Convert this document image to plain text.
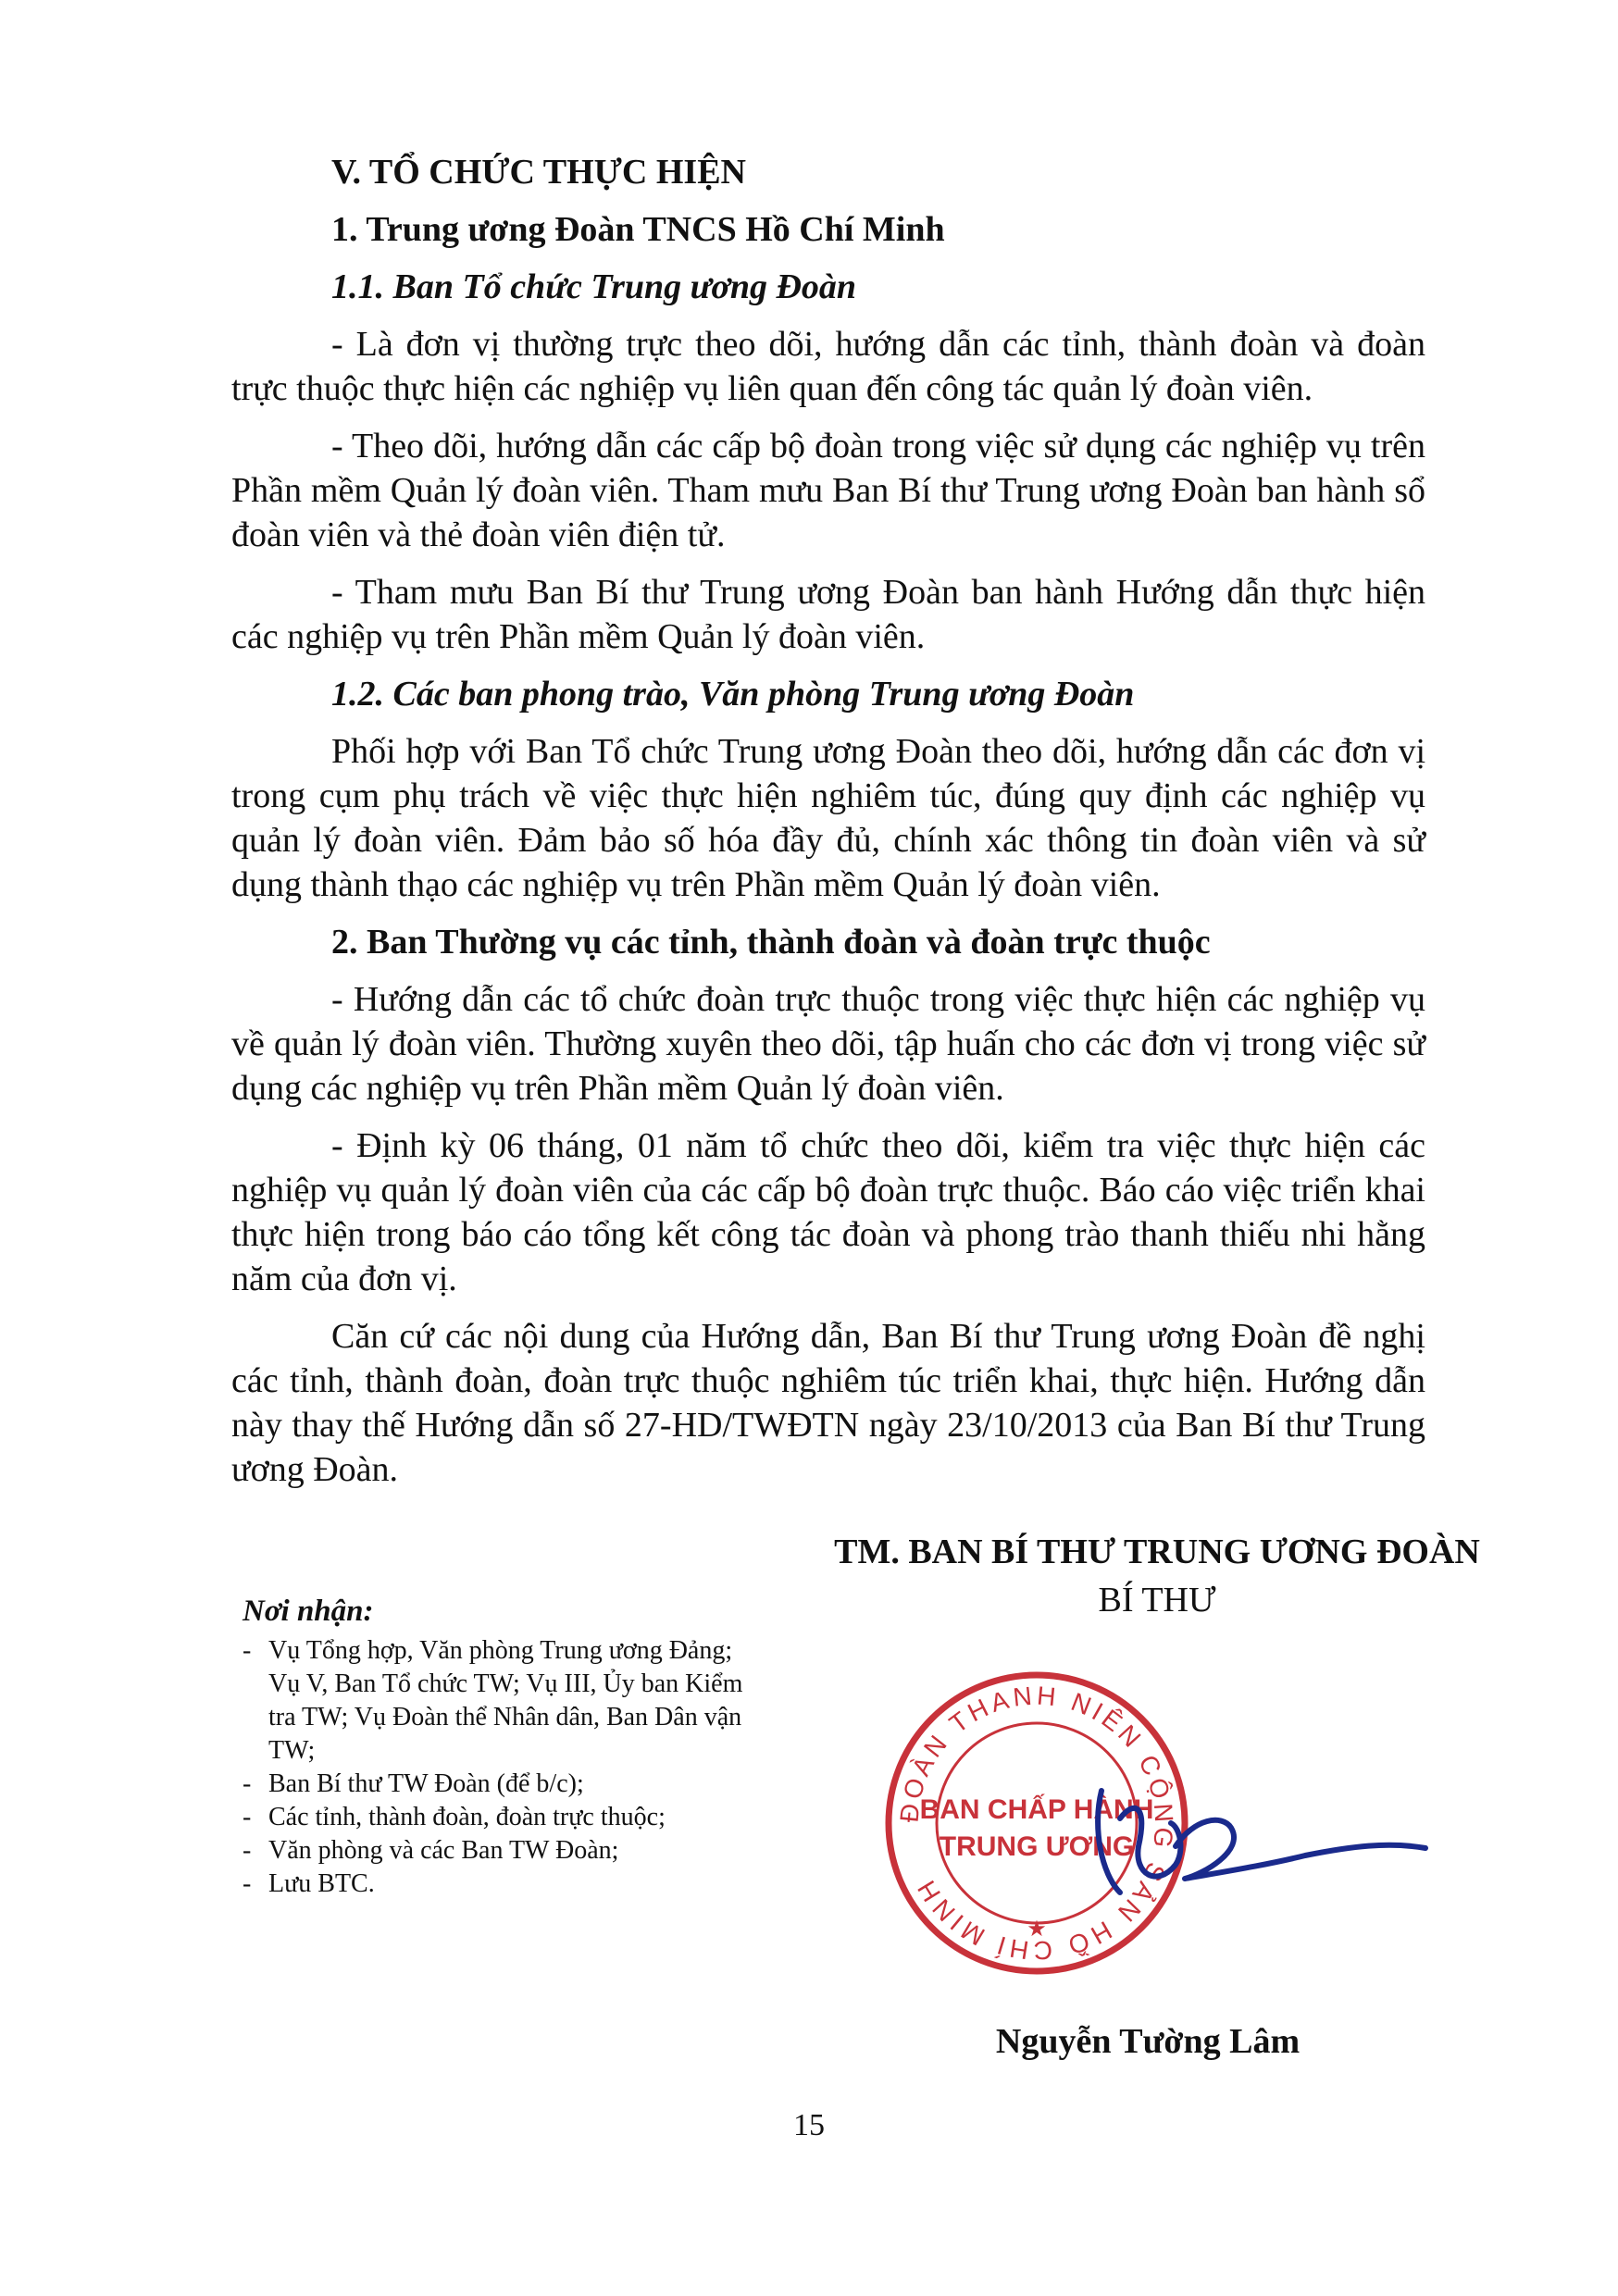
V. TỔ CHỨC THỰC HIỆN

1. Trung ương Đoàn TNCS Hồ Chí Minh

1.1. Ban Tổ chức Trung ương Đoàn

- Là đơn vị thường trực theo dõi, hướng dẫn các tỉnh, thành đoàn và đoàn trực thuộc thực hiện các nghiệp vụ liên quan đến công tác quản lý đoàn viên.

- Theo dõi, hướng dẫn các cấp bộ đoàn trong việc sử dụng các nghiệp vụ trên Phần mềm Quản lý đoàn viên. Tham mưu Ban Bí thư Trung ương Đoàn ban hành sổ đoàn viên và thẻ đoàn viên điện tử.

- Tham mưu Ban Bí thư Trung ương Đoàn ban hành Hướng dẫn thực hiện các nghiệp vụ trên Phần mềm Quản lý đoàn viên.

1.2. Các ban phong trào, Văn phòng Trung ương Đoàn

Phối hợp với Ban Tổ chức Trung ương Đoàn theo dõi, hướng dẫn các đơn vị trong cụm phụ trách về việc thực hiện nghiêm túc, đúng quy định các nghiệp vụ quản lý đoàn viên. Đảm bảo số hóa đầy đủ, chính xác thông tin đoàn viên và sử dụng thành thạo các nghiệp vụ trên Phần mềm Quản lý đoàn viên.

2. Ban Thường vụ các tỉnh, thành đoàn và đoàn trực thuộc

- Hướng dẫn các tổ chức đoàn trực thuộc trong việc thực hiện các nghiệp vụ về quản lý đoàn viên. Thường xuyên theo dõi, tập huấn cho các đơn vị trong việc sử dụng các nghiệp vụ trên Phần mềm Quản lý đoàn viên.

- Định kỳ 06 tháng, 01 năm tổ chức theo dõi, kiểm tra việc thực hiện các nghiệp vụ quản lý đoàn viên của các cấp bộ đoàn trực thuộc. Báo cáo việc triển khai thực hiện trong báo cáo tổng kết công tác đoàn và phong trào thanh thiếu nhi hằng năm của đơn vị.

Căn cứ các nội dung của Hướng dẫn, Ban Bí thư Trung ương Đoàn đề nghị các tỉnh, thành đoàn, đoàn trực thuộc nghiêm túc triển khai, thực hiện. Hướng dẫn này thay thế Hướng dẫn số 27-HD/TWĐTN ngày 23/10/2013 của Ban Bí thư Trung ương Đoàn.

TM. BAN BÍ THƯ TRUNG ƯƠNG ĐOÀN
BÍ THƯ
Nơi nhận:
-Vụ Tổng hợp, Văn phòng Trung ương Đảng; Vụ V, Ban Tổ chức TW; Vụ III, Ủy ban Kiểm tra TW; Vụ Đoàn thể Nhân dân, Ban Dân vận TW;
-Ban Bí thư TW Đoàn (để b/c);
-Các tỉnh, thành đoàn, đoàn trực thuộc;
-Văn phòng và các Ban TW Đoàn;
-Lưu BTC.
ĐOÀN THANH NIÊN CỘNG SẢN HỒ CHÍ MINH
BAN CHẤP HÀNH
TRUNG ƯƠNG
★
Nguyễn Tường Lâm
15
